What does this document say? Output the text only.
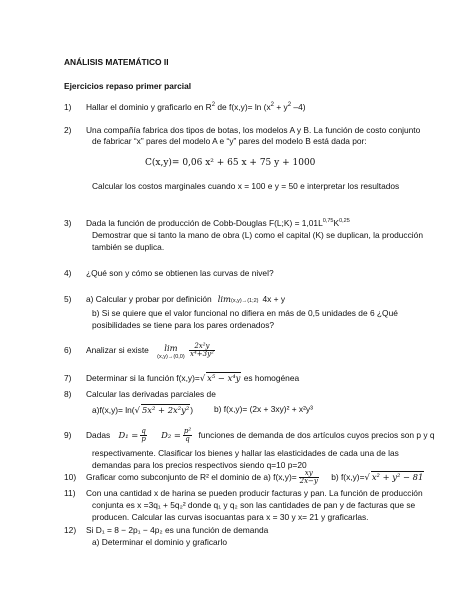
ANÁLISIS MATEMÁTICO II
Ejercicios repaso primer parcial
1) Hallar el dominio y graficarlo en $R^2$ de $f(x,y)= \ln (x^2 + y^2$ –4)
2) Una compañía fabrica dos tipos de botas, los modelos A y B. La función de costo conjunto
de fabricar “x” pares del modelo A e “y” pares del modelo B está dada por:
C(x,y)= 0,06 x² + 65 x + 75 y + 1000
Calcular los costos marginales cuando x = 100 e y = 50 e interpretar los resultados
3) Dada la función de producción de Cobb-Douglas F(L;K) = $1,01L^{0,75}K^{0,25}$
Demostrar que si tanto la mano de obra (L) como el capital (K) se duplican, la producción
también se duplica.
4) ¿Qué son y cómo se obtienen las curvas de nivel?
5) a) Calcular y probar por definición lim(x,y)→(1;2) 4x + y
b) Si se quiere que el valor funcional no difiera en más de 0,5 unidades de 6 ¿Qué
posibilidades se tiene para los pares ordenados?
6) Analizar si existe	lim
(x,y)→(0,0)
$\frac{\text{2x²y}}{\text{x⁴+3y²}}$
7) Determinar si la función f(x,y)=√ x⁵ − x⁴y es homogénea
8) Calcular las derivadas parciales de
a)f(x,y)= ln(√ 5x² + 2x²y²)	b) f(x,y)= (2x + 3xy)² + x²y³
9) Dadas $D_1 = \frac{q}{p} D_2 = \frac{\text{p²}}{q}$ funciones de demanda de dos artículos cuyos precios son p y q
respectivamente. Clasificar los bienes y hallar las elasticidades de cada una de las
demandas para los precios respectivos siendo q=10 p=20
10) Graficar como subconjunto de R² el dominio de a) $f(x,y)= \frac{xy}{2x-y} b$) f(x,y)=√ x² + y² − 81
11) Con una cantidad x de harina se pueden producir facturas y pan. La función de producción
conjunta es x =3q₁ + 5q₂² donde q₁ y q₂ son las cantidades de pan y de facturas que se
producen. Calcular las curvas isocuantas para x = 30 y x= 21 y graficarlas.
12) Si D₁ = 8 − 2p₁ − 4p₂ es una función de demanda
a) Determinar el dominio y graficarlo
